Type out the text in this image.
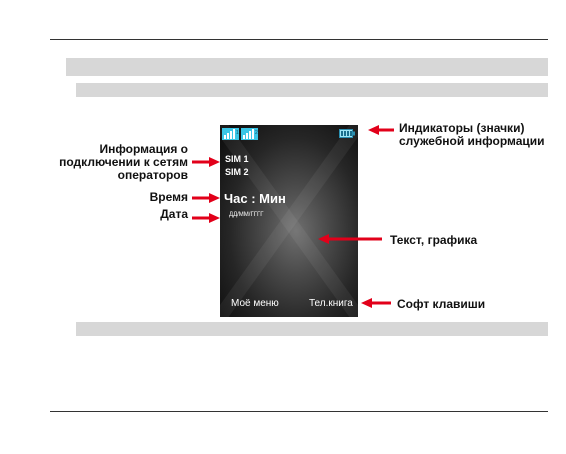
1	2
SIM 1
SIM 2
Час : Мин
ДД/ММ/ГГГГ
Моё меню	Тел.книга
Информация о
подключении к сетям
операторов
Время
Дата
Индикаторы (значки)
служебной информации
Текст, графика
Софт клавиши
